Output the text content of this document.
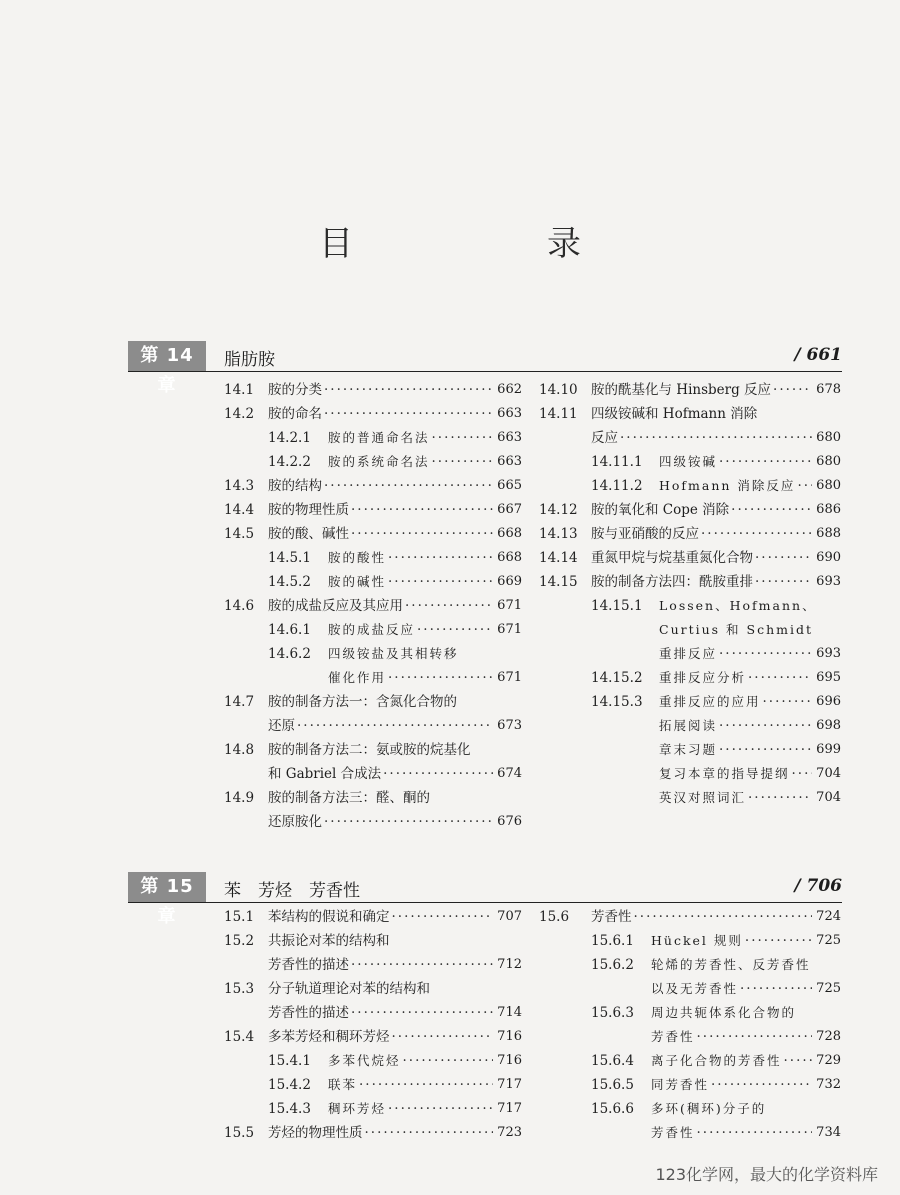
目　录
第 14 章
脂肪胺	/ 661
14.1	胺的分类 ·····	662
14.2	胺的命名 ·····	663
14.2.1	胺的普通命名法 ·····	663
14.2.2	胺的系统命名法 ·····	663
14.3	胺的结构 ·····	665
14.4	胺的物理性质 ·····	667
14.5	胺的酸、碱性 ·····	668
14.5.1	胺的酸性 ·····	668
14.5.2	胺的碱性 ·····	669
14.6	胺的成盐反应及其应用 ·····	671
14.6.1	胺的成盐反应 ·····	671
14.6.2	四级铵盐及其相转移
催化作用 ·····	671
14.7	胺的制备方法一：含氮化合物的
还原 ·····	673
14.8	胺的制备方法二：氨或胺的烷基化
和 Gabriel 合成法 ·····	674
14.9	胺的制备方法三：醛、酮的
还原胺化 ·····	676
14.10 胺的酰基化与 Hinsberg 反应 ·····	678
14.11 四级铵碱和 Hofmann 消除
反应 ·····	680
14.11.1	四级铵碱 ·····	680
14.11.2	Hofmann 消除反应 ····· 680
14.12 胺的氧化和 Cope 消除 ·····	686
14.13 胺与亚硝酸的反应 ·····	688
14.14 重氮甲烷与烷基重氮化合物 ·····	690
14.15 胺的制备方法四：酰胺重排 ·····	693
14.15.1	Lossen、Hofmann、
Curtius 和 Schmidt
重排反应 ·····	693
14.15.2	重排反应分析 ·····	695
14.15.3	重排反应的应用 ·····	696
拓展阅读 ·····	698
章末习题 ·····	699
复习本章的指导提纲 ····· 704
英汉对照词汇 ·····	704
第 15 章
苯　芳烃　芳香性	/ 706
15.1	苯结构的假说和确定 ·····	707
15.2	共振论对苯的结构和
芳香性的描述 ·····	712
15.3	分子轨道理论对苯的结构和
芳香性的描述 ·····	714
15.4	多苯芳烃和稠环芳烃 ·····	716
15.4.1	多苯代烷烃 ·····	716
15.4.2	联苯 ·····	717
15.4.3	稠环芳烃 ·····	717
15.5	芳烃的物理性质 ·····	723
15.6	芳香性 ·····	724
15.6.1	Hückel 规则 ·····	725
15.6.2	轮烯的芳香性、反芳香性
以及无芳香性 ·····	725
15.6.3	周边共轭体系化合物的
芳香性 ·····	728
15.6.4	离子化合物的芳香性 ·····	729
15.6.5	同芳香性 ·····	732
15.6.6	多环(稠环)分子的
芳香性 ·····	734
123化学网，最大的化学资料库
